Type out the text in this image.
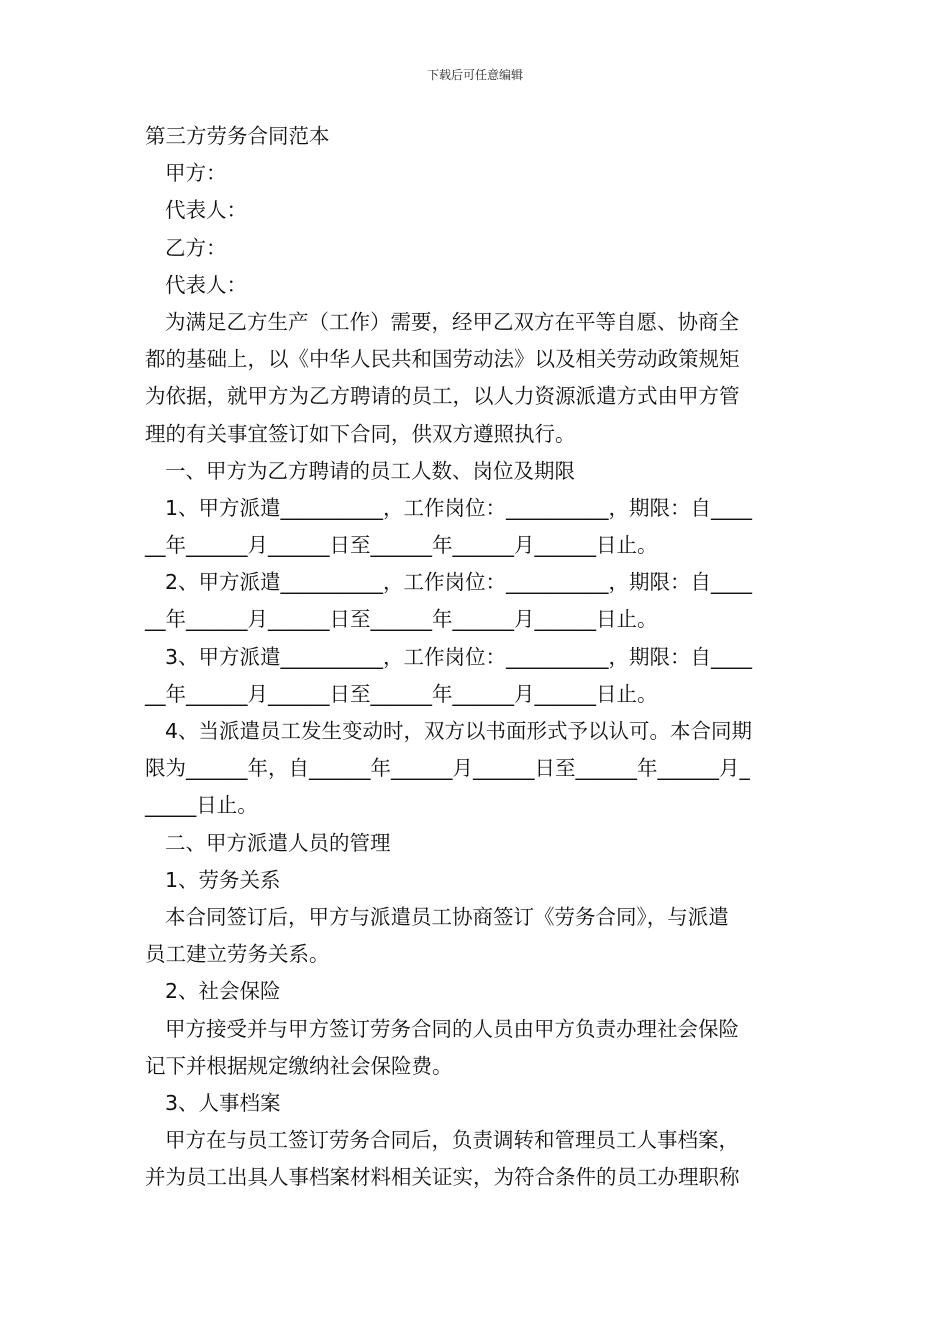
下载后可任意编辑
第三方劳务合同范本
甲方：
代表人：
乙方：
代表人：
为满足乙方生产（工作）需要，经甲乙双方在平等自愿、协商全
都的基础上，以《中华人民共和国劳动法》以及相关劳动政策规矩
为依据，就甲方为乙方聘请的员工，以人力资源派遣方式由甲方管
理的有关事宜签订如下合同，供双方遵照执行。
一、甲方为乙方聘请的员工人数、岗位及期限
1、甲方派遣__________，工作岗位：__________，期限：自____
__年______月______日至______年______月______日止。
2、甲方派遣__________，工作岗位：__________，期限：自____
__年______月______日至______年______月______日止。
3、甲方派遣__________，工作岗位：__________，期限：自____
__年______月______日至______年______月______日止。
4、当派遣员工发生变动时，双方以书面形式予以认可。本合同期
限为______年，自______年______月______日至______年______月_
_____日止。
二、甲方派遣人员的管理
1、劳务关系
本合同签订后，甲方与派遣员工协商签订《劳务合同》，与派遣
员工建立劳务关系。
2、社会保险
甲方接受并与甲方签订劳务合同的人员由甲方负责办理社会保险
记下并根据规定缴纳社会保险费。
3、人事档案
甲方在与员工签订劳务合同后，负责调转和管理员工人事档案，
并为员工出具人事档案材料相关证实，为符合条件的员工办理职称
